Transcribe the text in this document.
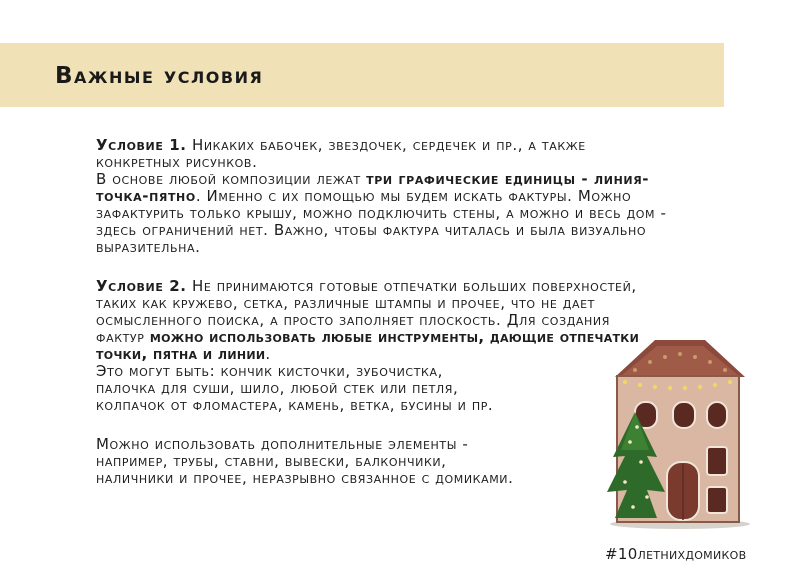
Важные условия

Условие 1. Никаких бабочек, звездочек, сердечек и пр., а также конкретных рисунков.

В основе любой композиции лежат три графические единицы - линия-точка-пятно. Именно с их помощью мы будем искать фактуры. Можно зафактурить только крышу, можно подключить стены, а можно и весь дом - здесь ограничений нет. Важно, чтобы фактура читалась и была визуально выразительна.

Условие 2. Не принимаются готовые отпечатки больших поверхностей, таких как кружево, сетка, различные штампы и прочее, что не дает осмысленного поиска, а просто заполняет плоскость. Для создания фактур можно использовать любые инструменты, дающие отпечатки точки, пятна и линии.

Это могут быть: кончик кисточки, зубочистка,

палочка для суши, шило, любой стек или петля,

колпачок от фломастера, камень, ветка, бусины и пр.

Можно использовать дополнительные элементы -

например, трубы, ставни, вывески, балкончики,

наличники и прочее, неразрывно связанное с домиками.

#10летнихдомиков
